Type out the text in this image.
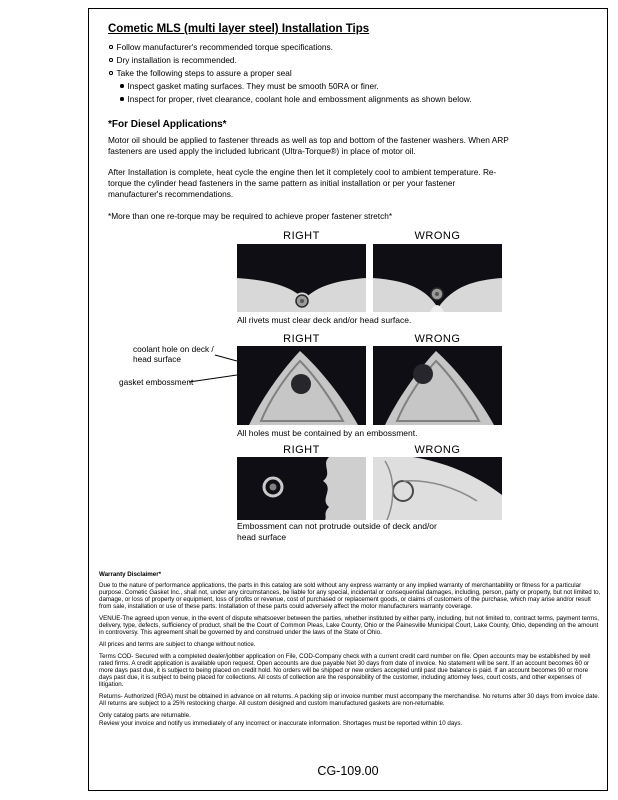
Cometic MLS (multi layer steel) Installation Tips
Follow manufacturer's recommended torque specifications.
Dry installation is recommended.
Take the following steps to assure a proper seal
Inspect gasket mating surfaces. They must be smooth 50RA or finer.
Inspect for proper, rivet clearance, coolant hole and embossment alignments as shown below.
*For Diesel Applications*
Motor oil should be applied to fastener threads as well as top and bottom of the fastener washers. When ARP fasteners are used apply the included lubricant (Ultra-Torque®) in place of motor oil.
After Installation is complete, heat cycle the engine then let it completely cool to ambient temperature. Re-torque the cylinder head fasteners in the same pattern as initial installation or per your fastener manufacturer's recommendations.
*More than one re-torque may be required to achieve proper fastener stretch*
RIGHT	WRONG
All rivets must clear deck and/or head surface.
RIGHT	WRONG
coolant hole on deck / head surface
gasket embossment
All holes must be contained by an embossment.
RIGHT	WRONG
Embossment can not protrude outside of deck and/or head surface
Warranty Disclaimer*

Due to the nature of performance applications, the parts in this catalog are sold without any express warranty or any implied warranty of merchantability or fitness for a particular purpose. Cometic Gasket Inc., shall not, under any circumstances, be liable for any special, incidental or consequential damages, including, person, party or property, but not limited to, damage, or loss of property or equipment, loss of profits or revenue, cost of purchased or replacement goods, or claims of customers of the purchase, which may arise and/or result from sale, installation or use of these parts. Installation of these parts could adversely affect the motor manufacturers warranty coverage.

VENUE-The agreed upon venue, in the event of dispute whatsoever between the parties, whether instituted by either party, including, but not limited to, contract terms, payment terms, delivery, type, defects, sufficiency of product, shall be the Court of Common Pleas, Lake County, Ohio or the Painesville Municipal Court, Lake County, Ohio, depending on the amount in controversy. This agreement shall be governed by and construed under the laws of the State of Ohio.

All prices and terms are subject to change without notice.

Terms COD- Secured with a completed dealer/jobber application on File, COD-Company check with a current credit card number on file. Open accounts may be established by well rated firms. A credit application is available upon request. Open accounts are due payable Net 30 days from date of invoice. No statement will be sent. If an account becomes 60 or more days past due, it is subject to being placed on credit hold. No orders will be shipped or new orders accepted until past due balance is paid. If an account becomes 90 or more days past due, it is subject to being placed for collections. All costs of collection are the responsibility of the customer, including attorney fees, court costs, and other expenses of litigation.

Returns- Authorized (RGA) must be obtained in advance on all returns. A packing slip or invoice number must accompany the merchandise. No returns after 30 days from invoice date. All returns are subject to a 25% restocking charge. All custom designed and custom manufactured gaskets are non-returnable.

Only catalog parts are returnable.

Review your invoice and notify us immediately of any incorrect or inaccurate information. Shortages must be reported within 10 days.

CG-109.00
